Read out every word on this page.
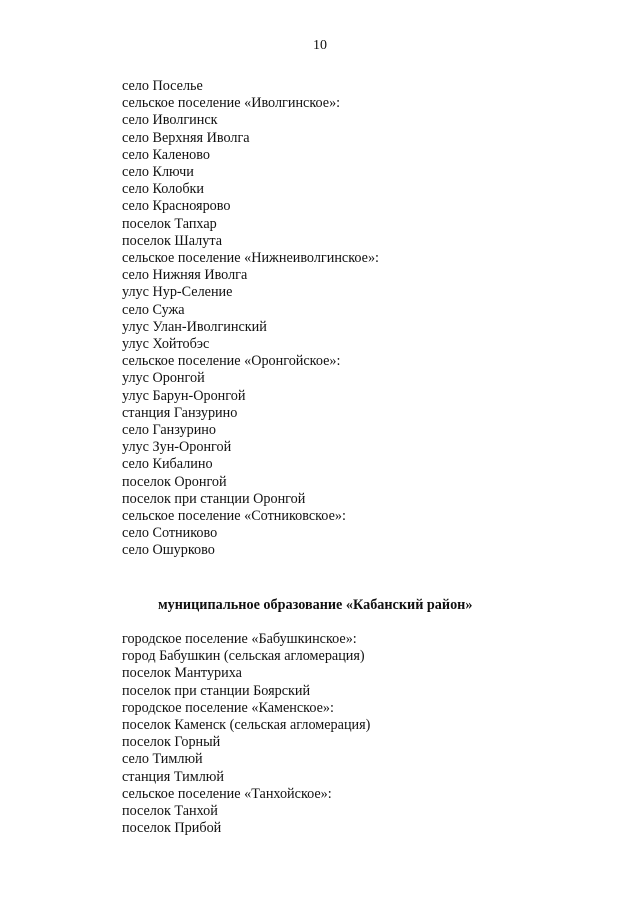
10
село Поселье
сельское поселение «Иволгинское»:
село Иволгинск
село Верхняя Иволга
село Каленово
село Ключи
село Колобки
село Красноярово
поселок Тапхар
поселок Шалута
сельское поселение «Нижнеиволгинское»:
село Нижняя Иволга
улус Нур-Селение
село Сужа
улус Улан-Иволгинский
улус Хойтобэс
сельское поселение «Оронгойское»:
улус Оронгой
улус Барун-Оронгой
станция Ганзурино
село Ганзурино
улус Зун-Оронгой
село Кибалино
поселок Оронгой
поселок при станции Оронгой
сельское поселение «Сотниковское»:
село Сотниково
село Ошурково
муниципальное образование «Кабанский район»
городское поселение «Бабушкинское»:
город Бабушкин (сельская агломерация)
поселок Мантуриха
поселок при станции Боярский
городское поселение «Каменское»:
поселок Каменск (сельская агломерация)
поселок Горный
село Тимлюй
станция Тимлюй
сельское поселение «Танхойское»:
поселок Танхой
поселок Прибой
